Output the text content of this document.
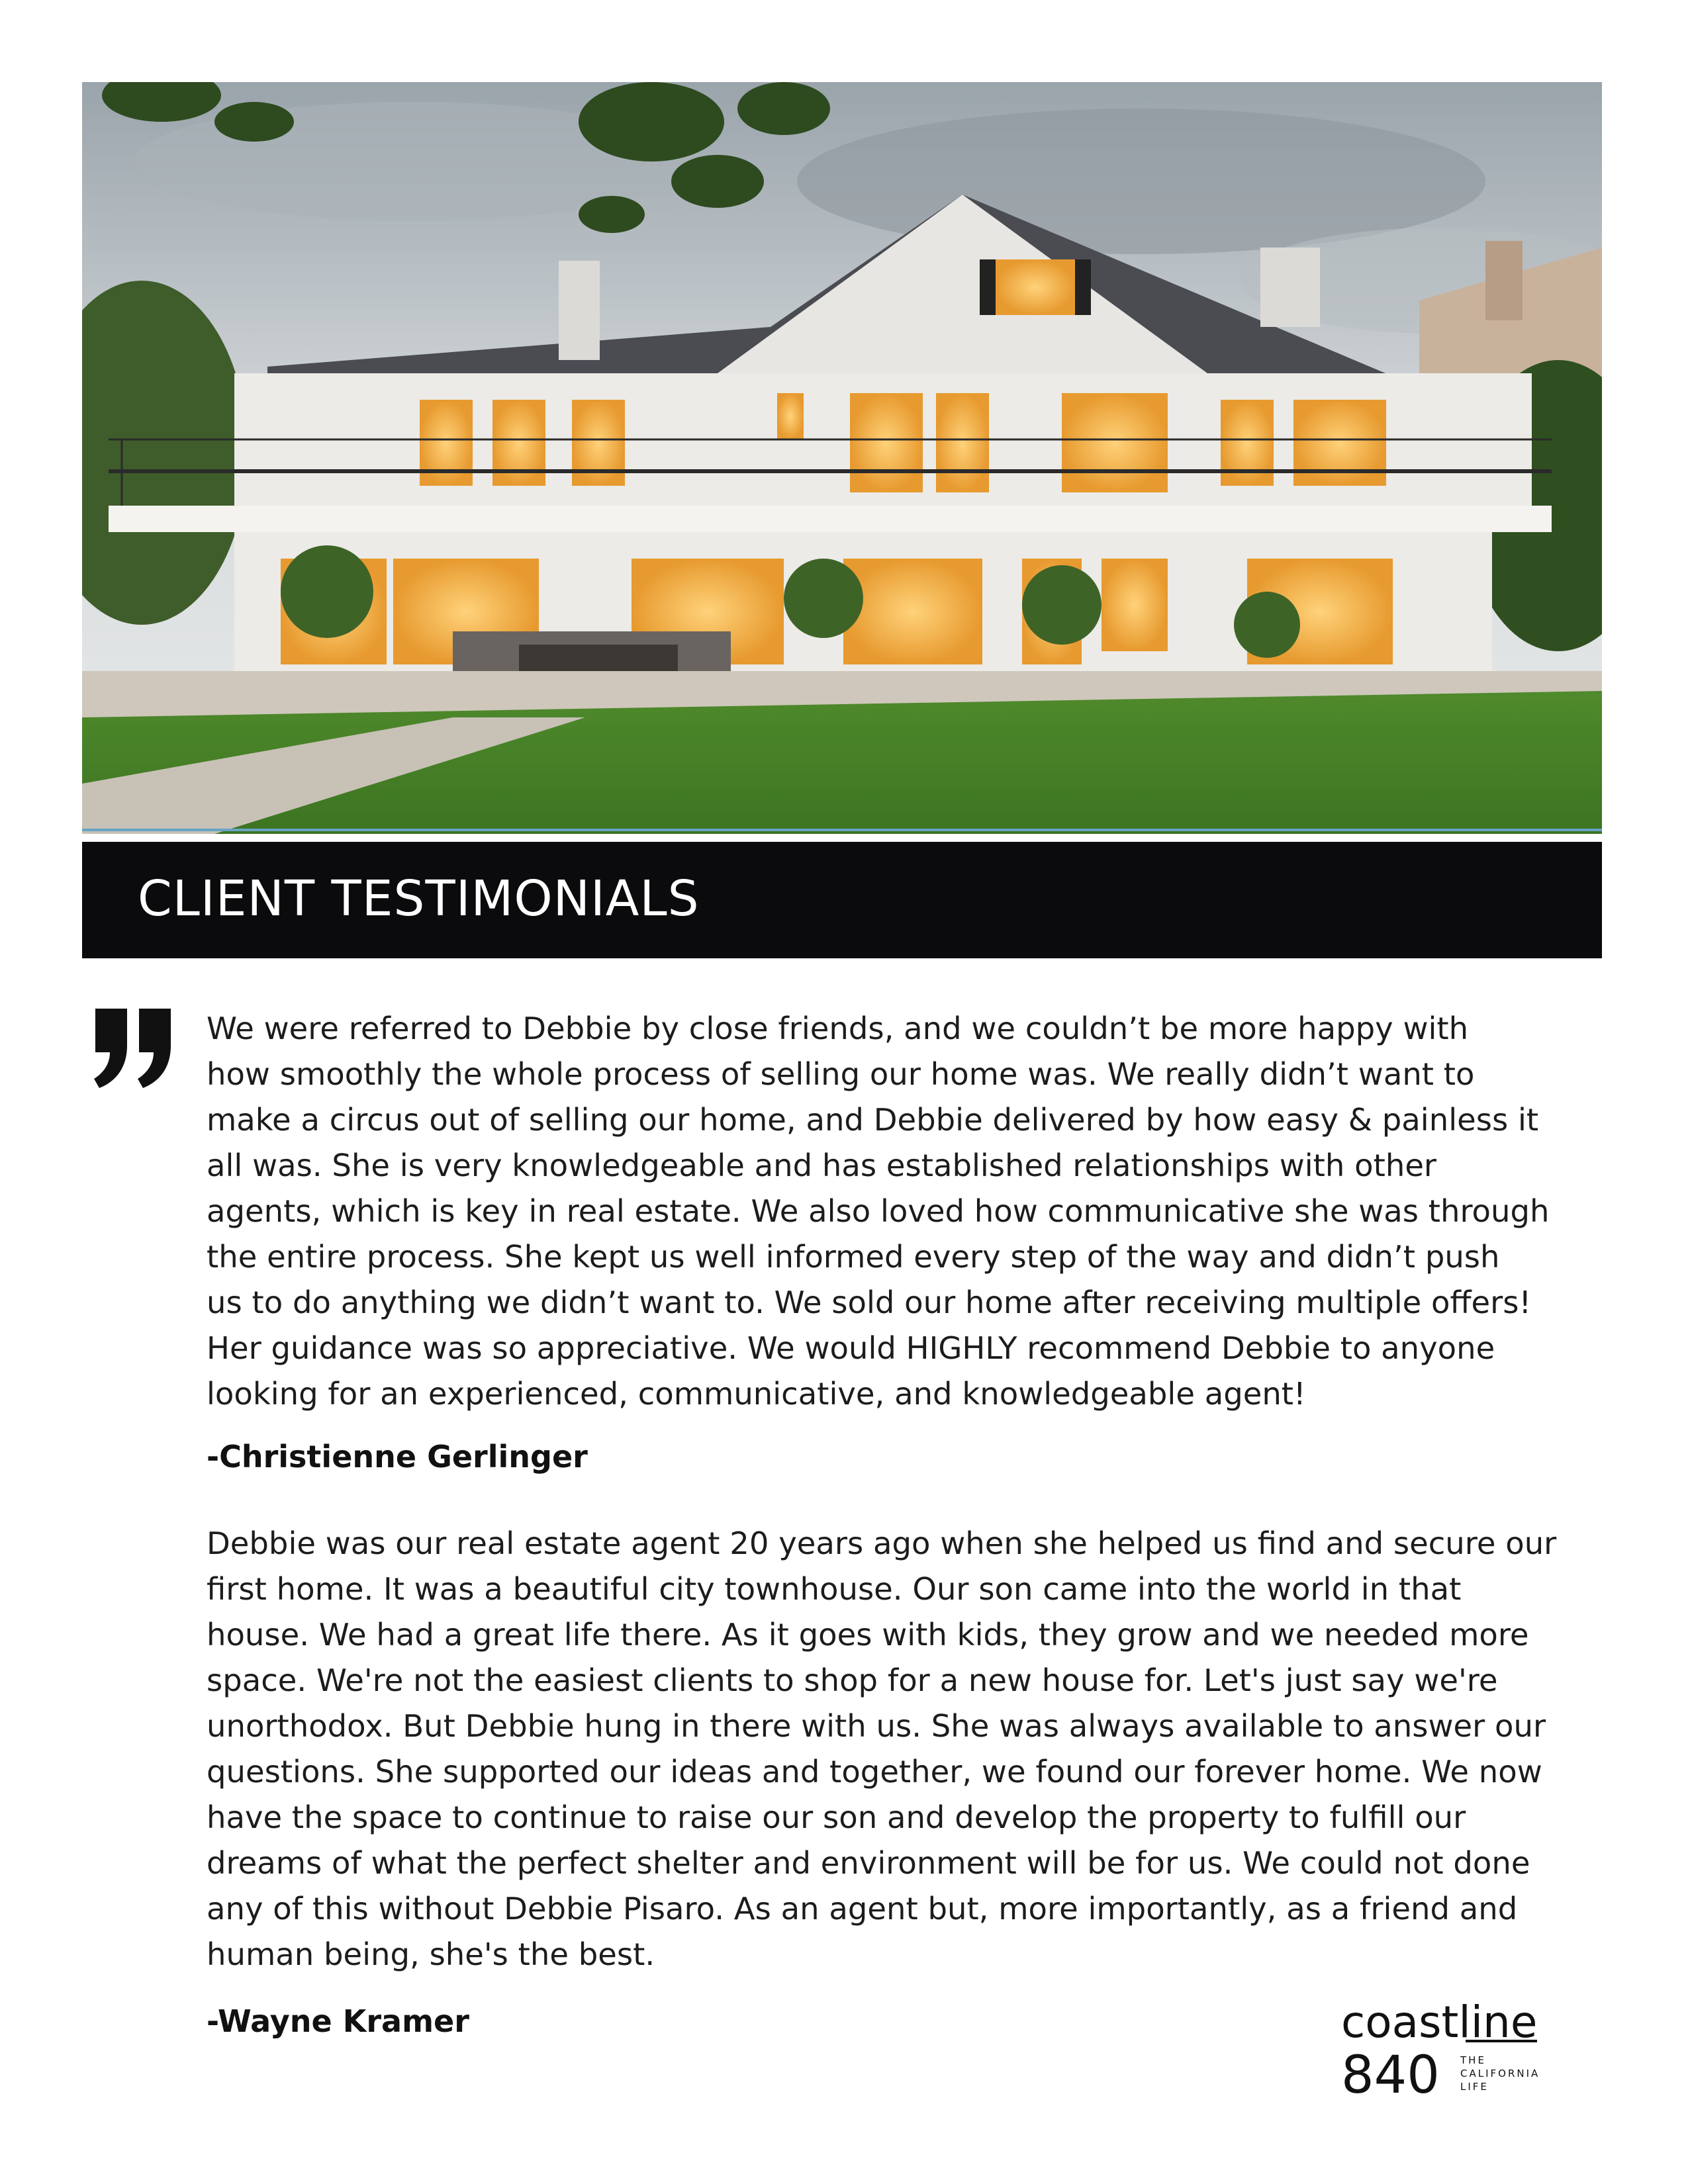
CLIENT TESTIMONIALS

We were referred to Debbie by close friends, and we couldn’t be more happy with
how smoothly the whole process of selling our home was. We really didn’t want to
make a circus out of selling our home, and Debbie delivered by how easy & painless it
all was. She is very knowledgeable and has established relationships with other
agents, which is key in real estate. We also loved how communicative she was through
the entire process. She kept us well informed every step of the way and didn’t push
us to do anything we didn’t want to. We sold our home after receiving multiple offers!
Her guidance was so appreciative. We would HIGHLY recommend Debbie to anyone
looking for an experienced, communicative, and knowledgeable agent!

-Christienne Gerlinger

Debbie was our real estate agent 20 years ago when she helped us find and secure our
first home. It was a beautiful city townhouse. Our son came into the world in that
house. We had a great life there. As it goes with kids, they grow and we needed more
space. We're not the easiest clients to shop for a new house for. Let's just say we're
unorthodox. But Debbie hung in there with us. She was always available to answer our
questions. She supported our ideas and together, we found our forever home. We now
have the space to continue to raise our son and develop the property to fulfill our
dreams of what the perfect shelter and environment will be for us. We could not done
any of this without Debbie Pisaro. As an agent but, more importantly, as a friend and
human being, she's the best.

-Wayne Kramer	coastline
840 THE
CALIFORNIA
LIFE
